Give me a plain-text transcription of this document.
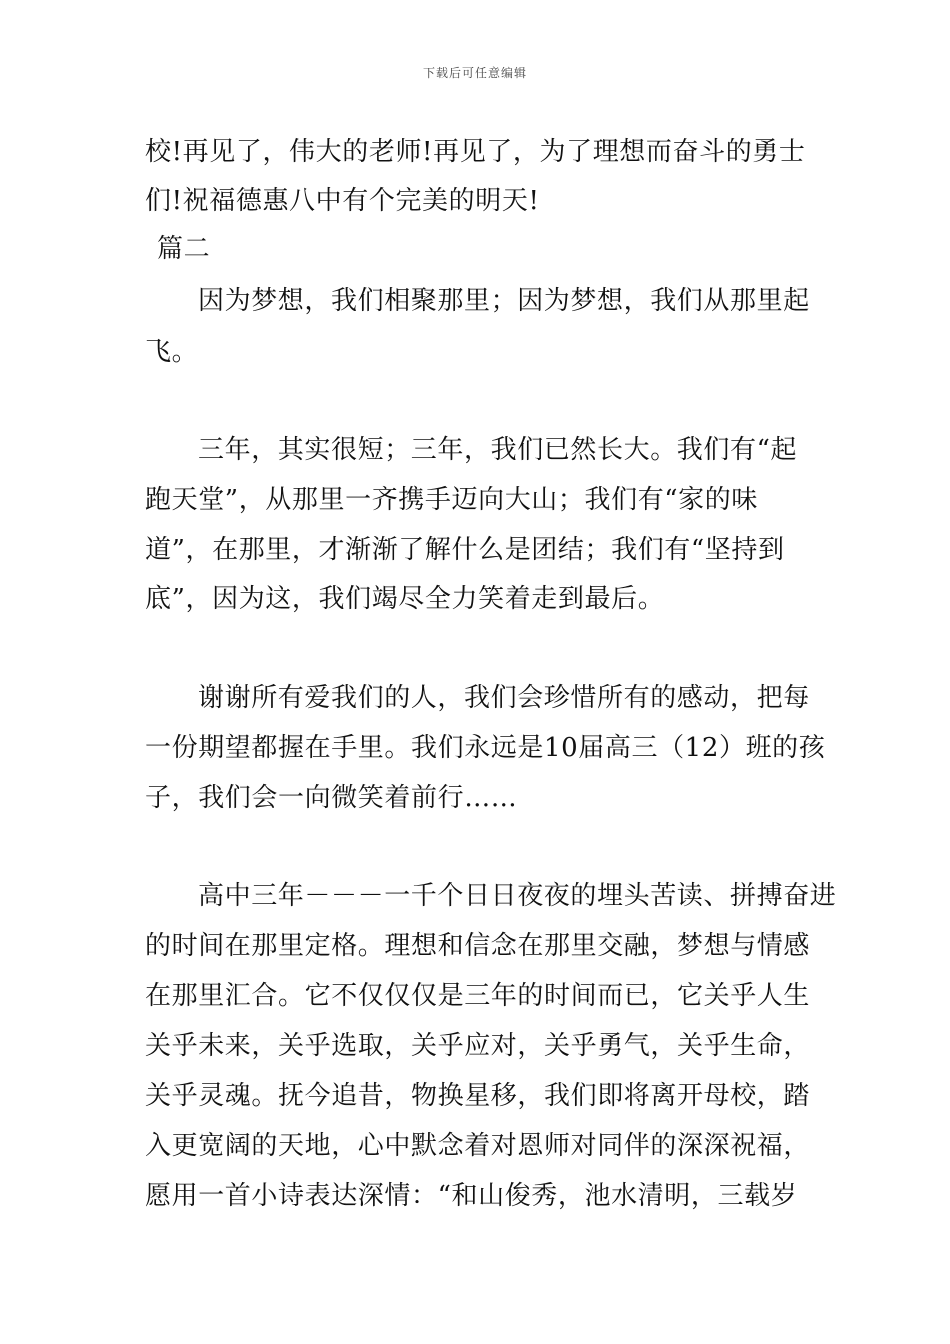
下载后可任意编辑
校!再见了，伟大的老师!再见了，为了理想而奋斗的勇士
们!祝福德惠八中有个完美的明天!
篇二
因为梦想，我们相聚那里；因为梦想，我们从那里起
飞。
三年，其实很短；三年，我们已然长大。我们有“起
跑天堂”，从那里一齐携手迈向大山；我们有“家的味
道”，在那里，才渐渐了解什么是团结；我们有“坚持到
底”，因为这，我们竭尽全力笑着走到最后。
谢谢所有爱我们的人，我们会珍惜所有的感动，把每
一份期望都握在手里。我们永远是10届高三（12）班的孩
子，我们会一向微笑着前行……
高中三年－－－一千个日日夜夜的埋头苦读、拼搏奋进
的时间在那里定格。理想和信念在那里交融，梦想与情感
在那里汇合。它不仅仅仅是三年的时间而已，它关乎人生
关乎未来，关乎选取，关乎应对，关乎勇气，关乎生命，
关乎灵魂。抚今追昔，物换星移，我们即将离开母校，踏
入更宽阔的天地，心中默念着对恩师对同伴的深深祝福，
愿用一首小诗表达深情：“和山俊秀，池水清明，三载岁
